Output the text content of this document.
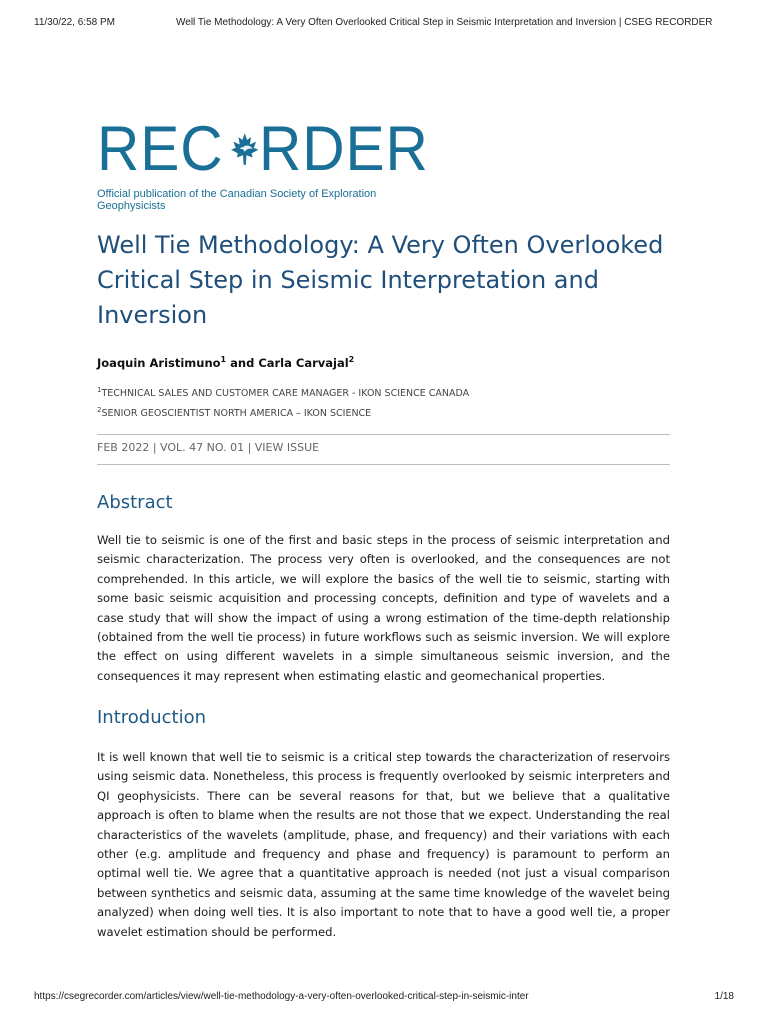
11/30/22, 6:58 PM	Well Tie Methodology: A Very Often Overlooked Critical Step in Seismic Interpretation and Inversion | CSEG RECORDER
REC RDER
Official publication of the Canadian Society of Exploration Geophysicists
Well Tie Methodology: A Very Often Overlooked Critical Step in Seismic Interpretation and Inversion
Joaquin Aristimuno$^1$ and Carla Carvajal$^2$
$^1$TECHNICAL SALES AND CUSTOMER CARE MANAGER - IKON SCIENCE CANADA
$^2$SENIOR GEOSCIENTIST NORTH AMERICA – IKON SCIENCE
FEB 2022 | VOL. 47 NO. 01 | VIEW ISSUE
Abstract

Well tie to seismic is one of the first and basic steps in the process of seismic interpretation and seismic characterization. The process very often is overlooked, and the consequences are not comprehended. In this article, we will explore the basics of the well tie to seismic, starting with some basic seismic acquisition and processing concepts, definition and type of wavelets and a case study that will show the impact of using a wrong estimation of the time-depth relationship (obtained from the well tie process) in future workflows such as seismic inversion. We will explore the effect on using different wavelets in a simple simultaneous seismic inversion, and the consequences it may represent when estimating elastic and geomechanical properties.

Introduction

It is well known that well tie to seismic is a critical step towards the characterization of reservoirs using seismic data. Nonetheless, this process is frequently overlooked by seismic interpreters and QI geophysicists. There can be several reasons for that, but we believe that a qualitative approach is often to blame when the results are not those that we expect. Understanding the real characteristics of the wavelets (amplitude, phase, and frequency) and their variations with each other (e.g. amplitude and frequency and phase and frequency) is paramount to perform an optimal well tie. We agree that a quantitative approach is needed (not just a visual comparison between synthetics and seismic data, assuming at the same time knowledge of the wavelet being analyzed) when doing well ties. It is also important to note that to have a good well tie, a proper wavelet estimation should be performed.

https://csegrecorder.com/articles/view/well-tie-methodology-a-very-often-overlooked-critical-step-in-seismic-inter	1/18
